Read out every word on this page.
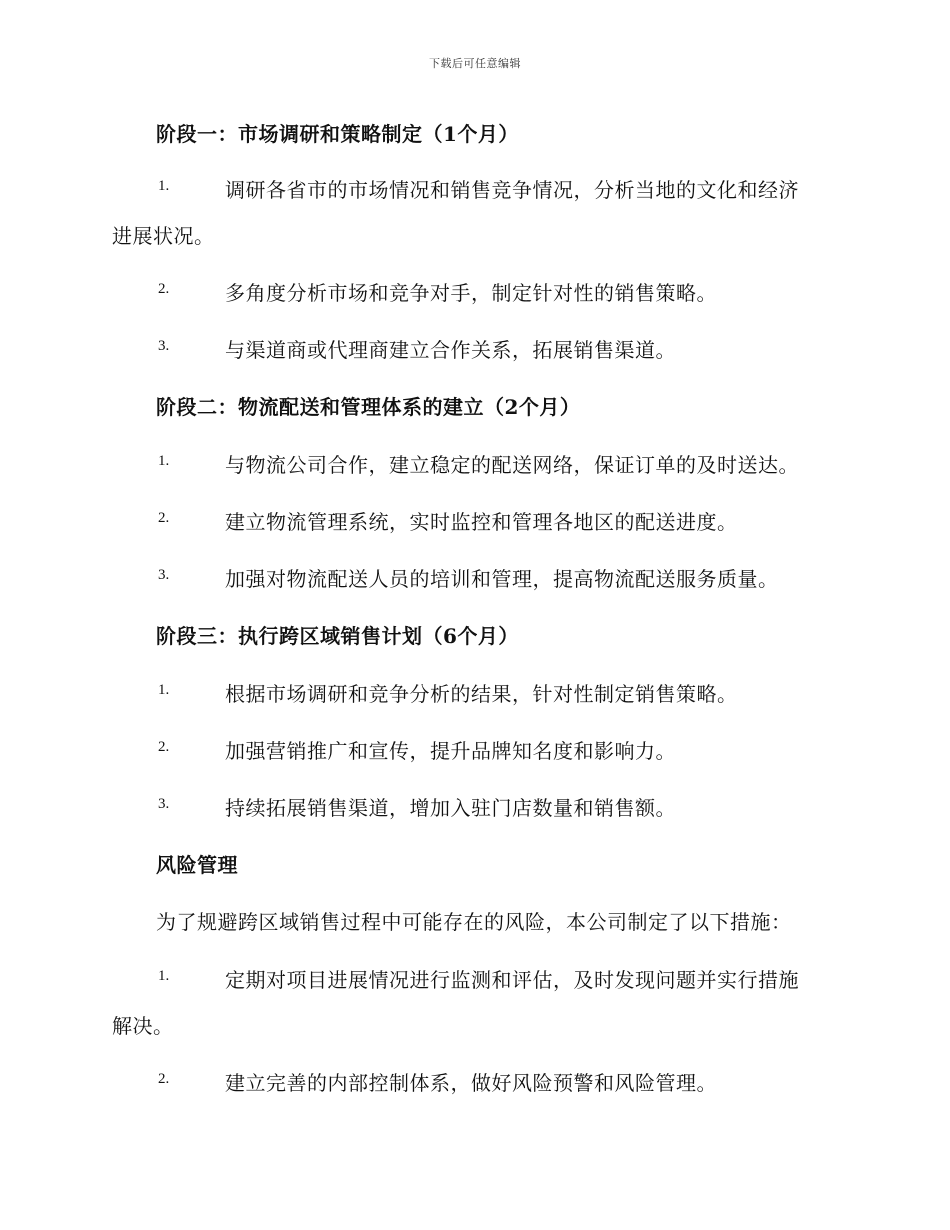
下载后可任意编辑
阶段一：市场调研和策略制定（1个月）
1.	调研各省市的市场情况和销售竞争情况，分析当地的文化和经济
进展状况。
2.	多角度分析市场和竞争对手，制定针对性的销售策略。
3.	与渠道商或代理商建立合作关系，拓展销售渠道。
阶段二：物流配送和管理体系的建立（2个月）
1.	与物流公司合作，建立稳定的配送网络，保证订单的及时送达。
2.	建立物流管理系统，实时监控和管理各地区的配送进度。
3.	加强对物流配送人员的培训和管理，提高物流配送服务质量。
阶段三：执行跨区域销售计划（6个月）
1.	根据市场调研和竞争分析的结果，针对性制定销售策略。
2.	加强营销推广和宣传，提升品牌知名度和影响力。
3.	持续拓展销售渠道，增加入驻门店数量和销售额。
风险管理
为了规避跨区域销售过程中可能存在的风险，本公司制定了以下措施：
1.	定期对项目进展情况进行监测和评估，及时发现问题并实行措施
解决。
2.	建立完善的内部控制体系，做好风险预警和风险管理。
